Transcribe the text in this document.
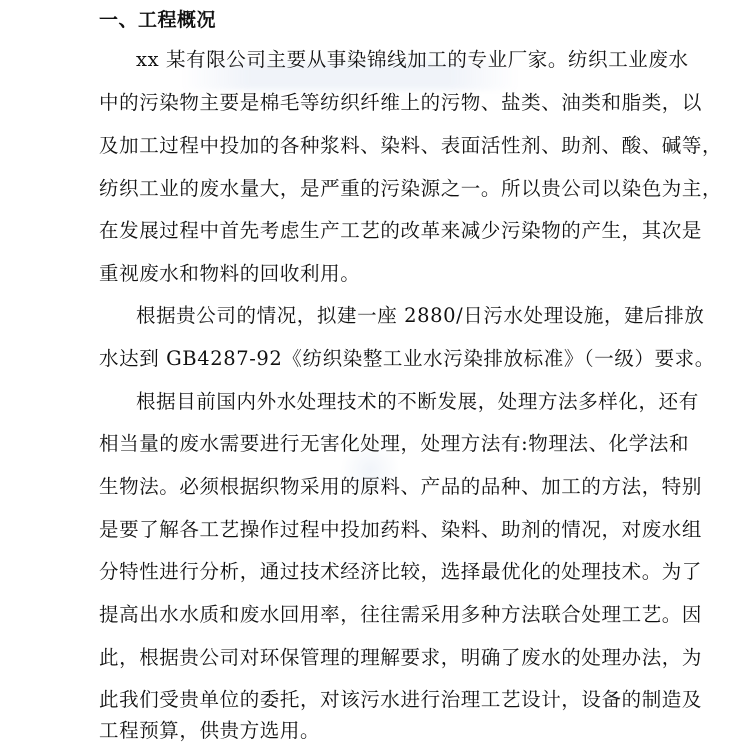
一、工程概况
xx 某有限公司主要从事染锦线加工的专业厂家。纺织工业废水
中的污染物主要是棉毛等纺织纤维上的污物、盐类、油类和脂类，以
及加工过程中投加的各种浆料、染料、表面活性剂、助剂、酸、碱等，
纺织工业的废水量大，是严重的污染源之一。所以贵公司以染色为主，
在发展过程中首先考虑生产工艺的改革来减少污染物的产生，其次是
重视废水和物料的回收利用。
根据贵公司的情况，拟建一座 2880/日污水处理设施，建后排放
水达到 GB4287-92《纺织染整工业水污染排放标准》（一级）要求。
根据目前国内外水处理技术的不断发展，处理方法多样化，还有
相当量的废水需要进行无害化处理，处理方法有:物理法、化学法和
生物法。必须根据织物采用的原料、产品的品种、加工的方法，特别
是要了解各工艺操作过程中投加药料、染料、助剂的情况，对废水组
分特性进行分析，通过技术经济比较，选择最优化的处理技术。为了
提高出水水质和废水回用率，往往需采用多种方法联合处理工艺。因
此，根据贵公司对环保管理的理解要求，明确了废水的处理办法，为
此我们受贵单位的委托，对该污水进行治理工艺设计，设备的制造及
工程预算，供贵方选用。
